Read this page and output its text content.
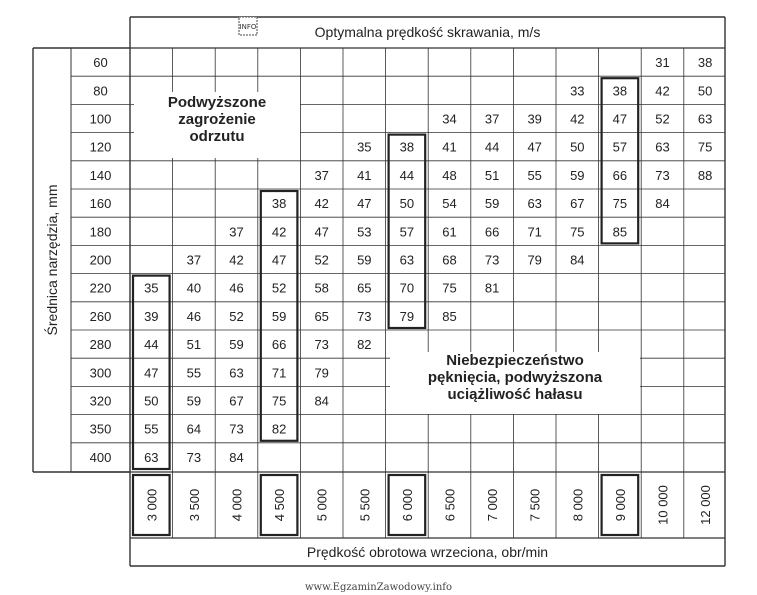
Optymalna prędkość skrawania, m/s
Prędkość obrotowa wrzeciona, obr/min
Średnica narzędzia, mm
60
80
100
120
140
160
180
200
220
260
280
300
320
350
400
3 000 3 500 4 000 4 500 5 000 5 500 6 000 6 500 7 000 7 500 8 000 9 000 10 000 12 000
31 38
33 38 42 50
34 37 39 42 47 52 63
35 38 41 44 47 50 57 63 75
37 41 44 48 51 55 59 66 73 88
38 42 47 50 54 59 63 67 75 84
37 42 47 53 57 61 66 71 75 85
37 42 47 52 59 63 68 73 79 84
35 40 46 52 58 65 70 75 81
39 46 52 59 65 73 79 85
44 51 59 66 73 82
47 55 63 71 79
50 59 67 75 84
55 64 73 82
63 73 84
Podwyższone
zagrożenie
odrzutu
Niebezpieczeństwo
pęknięcia, podwyższona
uciążliwość hałasu
INFO
www.EgzaminZawodowy.info
